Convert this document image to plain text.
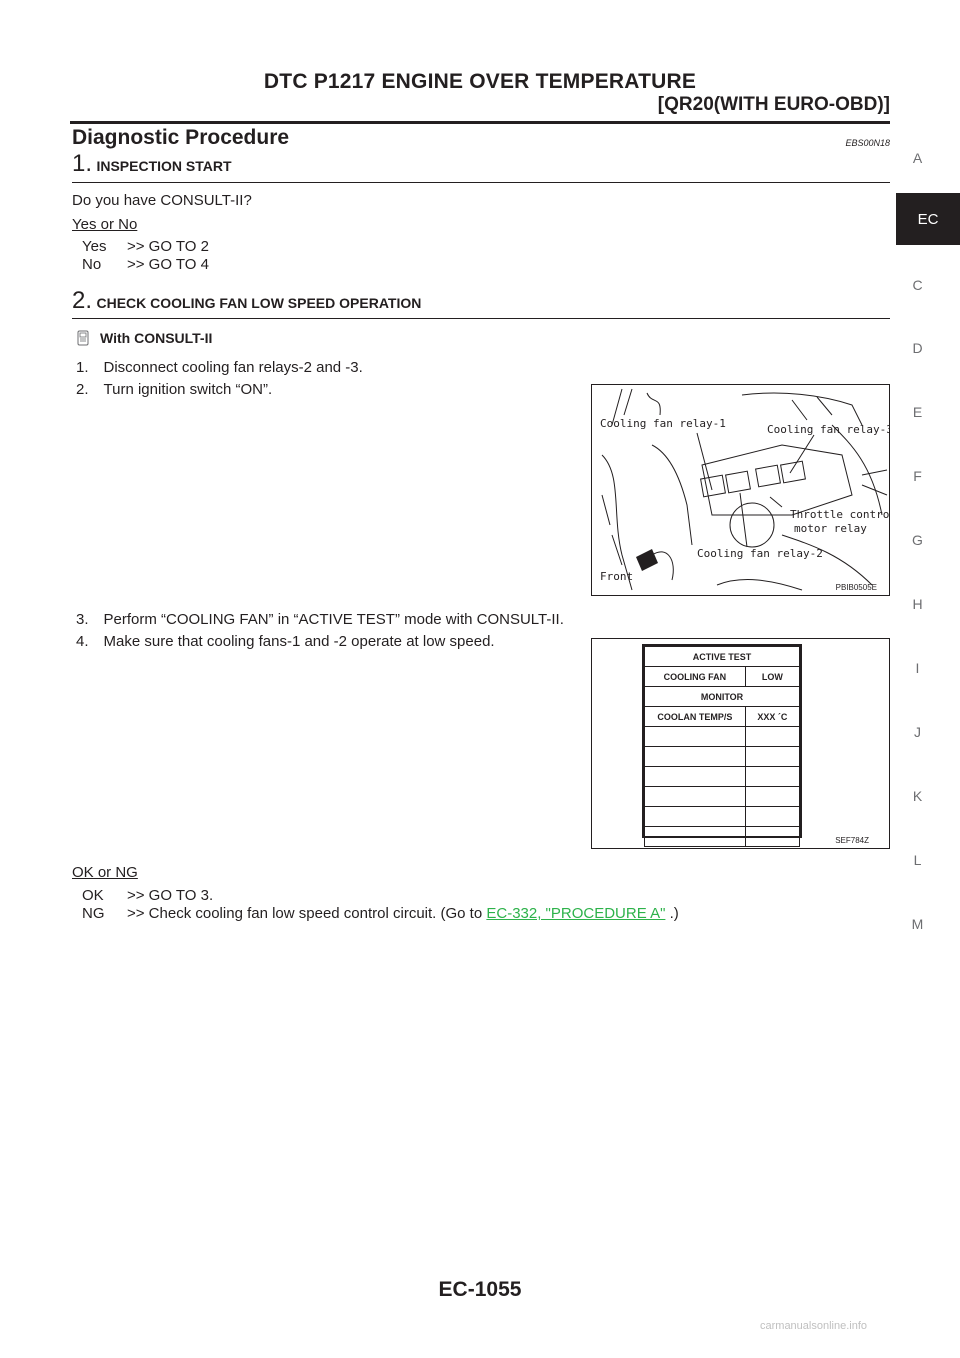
DTC P1217 ENGINE OVER TEMPERATURE
[QR20(WITH EURO-OBD)]
Diagnostic Procedure	EBS00N18
1. INSPECTION START
Do you have CONSULT-II?
Yes or No
Yes >> GO TO 2
No >> GO TO 4
2. CHECK COOLING FAN LOW SPEED OPERATION
With CONSULT-II
1. Disconnect cooling fan relays-2 and -3.
2. Turn ignition switch “ON”.
Cooling fan relay-1	Cooling fan relay-3
Throttle control
motor relay
Cooling fan relay-2
Front
PBIB0505E
3. Perform “COOLING FAN” in “ACTIVE TEST” mode with CONSULT-II.
4. Make sure that cooling fans-1 and -2 operate at low speed.
ACTIVE TEST	
COOLING FAN	LOW
MONITOR	
COOLAN TEMP/S	XXX ´C

SEF784Z
OK or NG
OK >> GO TO 3.
NG >> Check cooling fan low speed control circuit. (Go to EC-332, "PROCEDURE A" .)
A
EC
C
D
E
F
G
H
I
J
K
L
M
EC-1055
carmanualsonline.info
